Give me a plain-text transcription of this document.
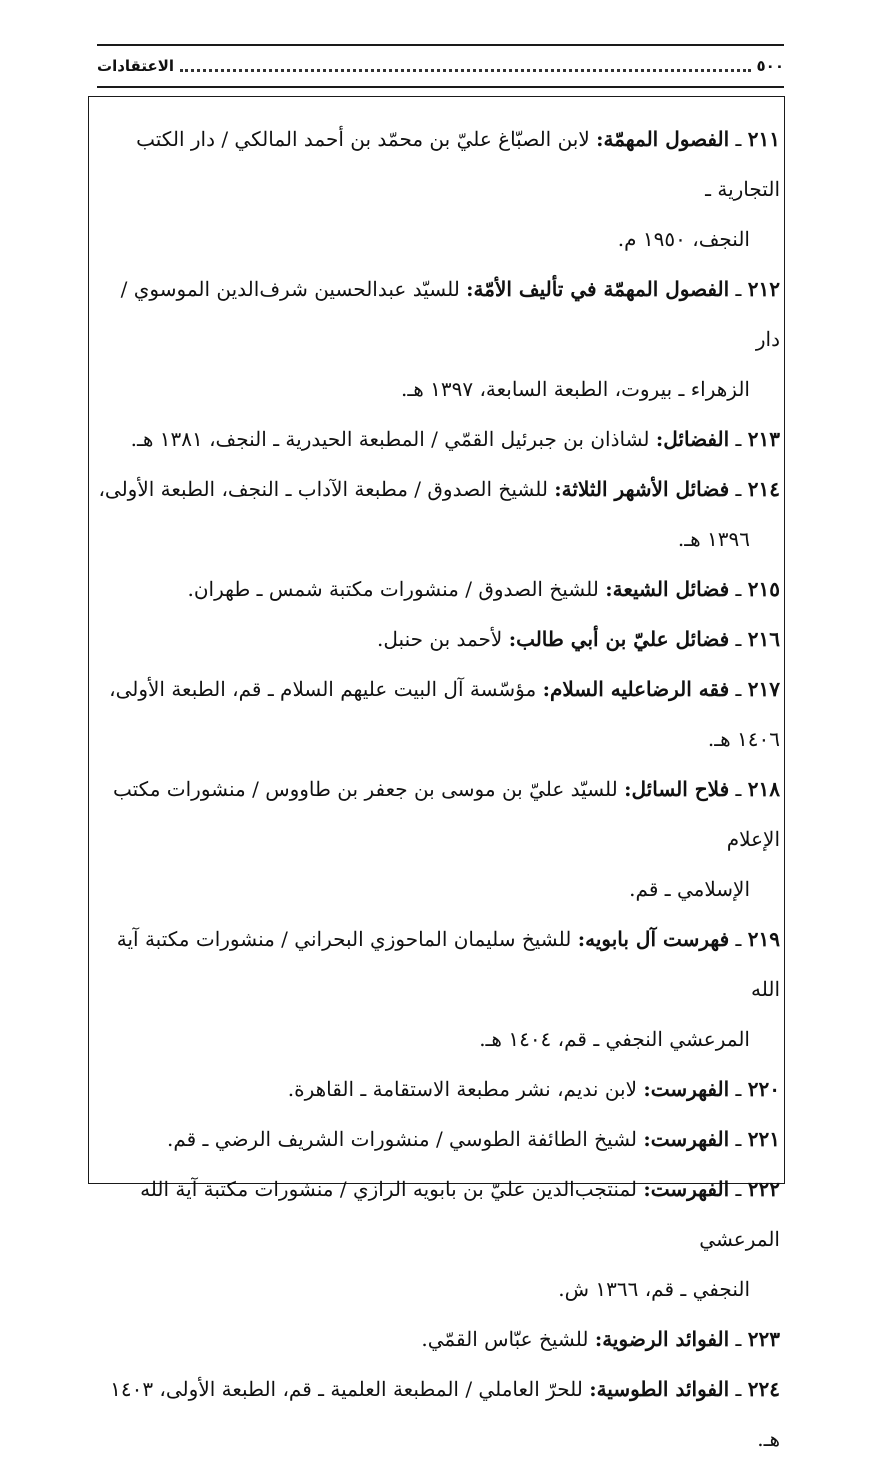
٥٠٠
الاعتقادات
٢١١ ـ الفصول المهمّة: لابن الصبّاغ عليّ بن محمّد بن أحمد المالكي / دار الكتب التجارية ـ
النجف، ١٩٥٠ م.
٢١٢ ـ الفصول المهمّة في تأليف الأمّة: للسيّد عبدالحسين شرف‌الدين الموسوي / دار
الزهراء ـ بيروت، الطبعة السابعة، ١٣٩٧ هـ.
٢١٣ ـ الفضائل: لشاذان بن جبرئيل القمّي / المطبعة الحيدرية ـ النجف، ١٣٨١ هـ.
٢١٤ ـ فضائل الأشهر الثلاثة: للشيخ الصدوق / مطبعة الآداب ـ النجف، الطبعة الأولى،
١٣٩٦ هـ.
٢١٥ ـ فضائل الشيعة: للشيخ الصدوق / منشورات مكتبة شمس ـ طهران.
٢١٦ ـ فضائل عليّ بن أبي طالب: لأحمد بن حنبل.
٢١٧ ـ فقه الرضاعليه السلام: مؤسّسة آل البيت عليهم السلام ـ قم، الطبعة الأولى، ١٤٠٦ هـ.
٢١٨ ـ فلاح السائل: للسيّد عليّ بن موسى بن جعفر بن طاووس / منشورات مكتب الإعلام
الإسلامي ـ قم.
٢١٩ ـ فهرست آل بابويه: للشيخ سليمان الماحوزي البحراني / منشورات مكتبة آية الله
المرعشي النجفي ـ قم، ١٤٠٤ هـ.
٢٢٠ ـ الفهرست: لابن نديم، نشر مطبعة الاستقامة ـ القاهرة.
٢٢١ ـ الفهرست: لشيخ الطائفة الطوسي / منشورات الشريف الرضي ـ قم.
٢٢٢ ـ الفهرست: لمنتجب‌الدين عليّ بن بابويه الرازي / منشورات مكتبة آية الله المرعشي
النجفي ـ قم، ١٣٦٦ ش.
٢٢٣ ـ الفوائد الرضوية: للشيخ عبّاس القمّي.
٢٢٤ ـ الفوائد الطوسية: للحرّ العاملي / المطبعة العلمية ـ قم، الطبعة الأولى، ١٤٠٣ هـ.
